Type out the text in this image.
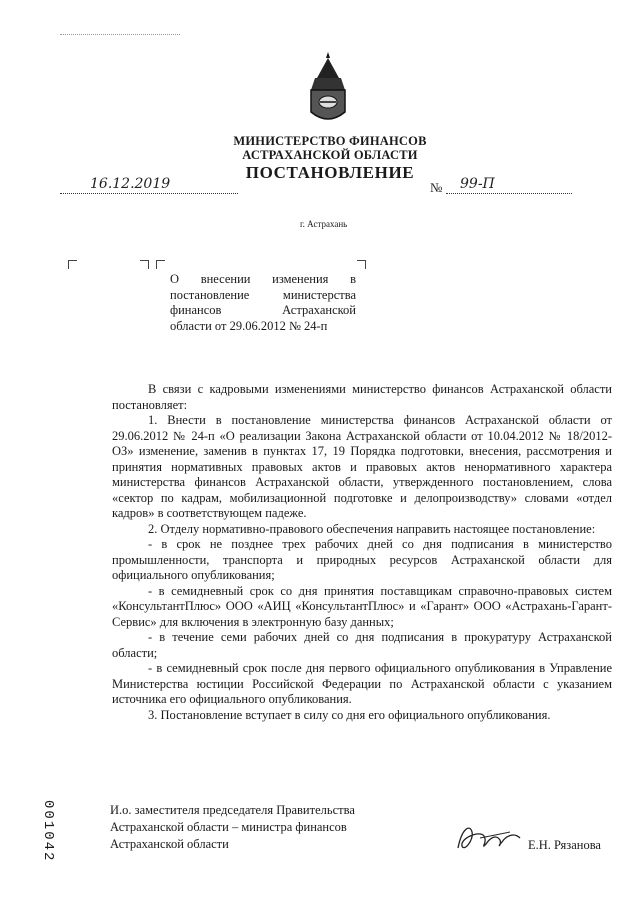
МИНИСТЕРСТВО ФИНАНСОВ
АСТРАХАНСКОЙ ОБЛАСТИ
ПОСТАНОВЛЕНИЕ
16.12.2019	№ 99-П
г. Астрахань
О внесении изменения в
постановление министерства
финансов Астраханской
области от 29.06.2012 № 24-п

В связи с кадровыми изменениями министерство финансов Астраханской области постановляет:

1. Внести в постановление министерства финансов Астраханской области от 29.06.2012 № 24-п «О реализации Закона Астраханской области от 10.04.2012 № 18/2012-ОЗ» изменение, заменив в пунктах 17, 19 Порядка подготовки, внесения, рассмотрения и принятия нормативных правовых актов и правовых актов ненормативного характера министерства финансов Астраханской области, утвержденного постановлением, слова «сектор по кадрам, мобилизационной подготовке и делопроизводству» словами «отдел кадров» в соответствующем падеже.

2. Отделу нормативно-правового обеспечения направить настоящее постановление:

- в срок не позднее трех рабочих дней со дня подписания в министерство промышленности, транспорта и природных ресурсов Астраханской области для официального опубликования;

- в семидневный срок со дня принятия поставщикам справочно-правовых систем «КонсультантПлюс» ООО «АИЦ «КонсультантПлюс» и «Гарант» ООО «Астрахань-Гарант-Сервис» для включения в электронную базу данных;

- в течение семи рабочих дней со дня подписания в прокуратуру Астраханской области;

- в семидневный срок после дня первого официального опубликования в Управление Министерства юстиции Российской Федерации по Астраханской области с указанием источника его официального опубликования.

3. Постановление вступает в силу со дня его официального опубликования.

И.о. заместителя председателя Правительства
Астраханской области – министра финансов
Астраханской области	Е.Н. Рязанова
001042
